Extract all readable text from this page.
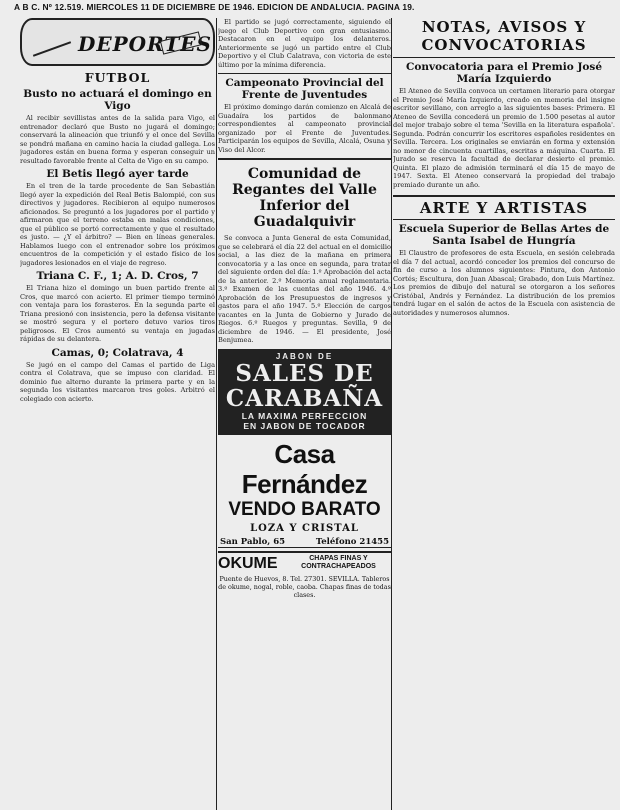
A B C. Nº 12.519. MIERCOLES 11 DE DICIEMBRE DE 1946. EDICION DE ANDALUCIA. PAGINA 19.
DEPORTES
FUTBOL
Busto no actuará el domingo en Vigo

Al recibir sevillistas antes de la salida para Vigo, el entrenador declaró que Busto no jugará el domingo; conservará la alineación que triunfó y el once del Sevilla se pondrá mañana en camino hacia la ciudad gallega. Los jugadores están en buena forma y esperan conseguir un resultado favorable frente al Celta de Vigo en su campo.

El Betis llegó ayer tarde

En el tren de la tarde procedente de San Sebastián llegó ayer la expedición del Real Betis Balompié, con sus directivos y jugadores. Recibieron al equipo numerosos aficionados. Se preguntó a los jugadores por el partido y afirmaron que el terreno estaba en malas condiciones, que el público se portó correctamente y que el resultado es justo. — ¿Y el árbitro? — Bien en líneas generales. Hablamos luego con el entrenador sobre los próximos encuentros de la competición y el estado físico de los jugadores lesionados en el viaje de regreso.

Triana C. F., 1; A. D. Cros, 7

El Triana hizo el domingo un buen partido frente al Cros, que marcó con acierto. El primer tiempo terminó con ventaja para los forasteros. En la segunda parte el Triana presionó con insistencia, pero la defensa visitante se mostró segura y el portero detuvo varios tiros peligrosos. El Cros aumentó su ventaja en jugadas rápidas de su delantera.

Camas, 0; Colatrava, 4

Se jugó en el campo del Camas el partido de Liga contra el Colatrava, que se impuso con claridad. El dominio fue alterno durante la primera parte y en la segunda los visitantes marcaron tres goles. Arbitró el colegiado con acierto.

El partido se jugó correctamente, siguiendo el juego el Club Deportivo con gran entusiasmo. Destacaron en el equipo los delanteros. Anteriormente se jugó un partido entre el Club Deportivo y el Club Calatrava, con victoria de este último por la mínima diferencia.

Campeonato Provincial del Frente de Juventudes

El próximo domingo darán comienzo en Alcalá de Guadaíra los partidos de balonmano correspondientes al campeonato provincial organizado por el Frente de Juventudes. Participarán los equipos de Sevilla, Alcalá, Osuna y Viso del Alcor.

Comunidad de Regantes del Valle Inferior del Guadalquivir

Se convoca a Junta General de esta Comunidad, que se celebrará el día 22 del actual en el domicilio social, a las diez de la mañana en primera convocatoria y a las once en segunda, para tratar del siguiente orden del día: 1.º Aprobación del acta de la anterior. 2.º Memoria anual reglamentaria. 3.º Examen de las cuentas del año 1946. 4.º Aprobación de los Presupuestos de ingresos y gastos para el año 1947. 5.º Elección de cargos vacantes en la Junta de Gobierno y Jurado de Riegos. 6.º Ruegos y preguntas. Sevilla, 9 de diciembre de 1946. — El presidente, José Benjumea.

JABON DE
SALES DE CARABAÑA
LA MAXIMA PERFECCION
EN JABON DE TOCADOR
Casa Fernández
VENDO BARATO
LOZA Y CRISTAL
San Pablo, 65	Teléfono 21455
OKUME	CHAPAS FINAS Y CONTRACHAPEADOS
Puente de Huevos, 8. Tel. 27301. SEVILLA. Tableros de okume, nogal, roble, caoba. Chapas finas de todas clases.
NOTAS, AVISOS Y CONVOCATORIAS
Convocatoria para el Premio José María Izquierdo

El Ateneo de Sevilla convoca un certamen literario para otorgar el Premio José María Izquierdo, creado en memoria del insigne escritor sevillano, con arreglo a las siguientes bases: Primera. El Ateneo de Sevilla concederá un premio de 1.500 pesetas al autor del mejor trabajo sobre el tema 'Sevilla en la literatura española'. Segunda. Podrán concurrir los escritores españoles residentes en Sevilla. Tercera. Los originales se enviarán en forma y extensión no menor de cincuenta cuartillas, escritas a máquina. Cuarta. El Jurado se reserva la facultad de declarar desierto el premio. Quinta. El plazo de admisión terminará el día 15 de mayo de 1947. Sexta. El Ateneo conservará la propiedad del trabajo premiado durante un año.

ARTE Y ARTISTAS
Escuela Superior de Bellas Artes de Santa Isabel de Hungría

El Claustro de profesores de esta Escuela, en sesión celebrada el día 7 del actual, acordó conceder los premios del concurso de fin de curso a los alumnos siguientes: Pintura, don Antonio Cortés; Escultura, don Juan Abascal; Grabado, don Luis Martínez. Los premios de dibujo del natural se otorgaron a los señores Cristóbal, Andrés y Fernández. La distribución de los premios tendrá lugar en el salón de actos de la Escuela con asistencia de autoridades y numerosos alumnos.
